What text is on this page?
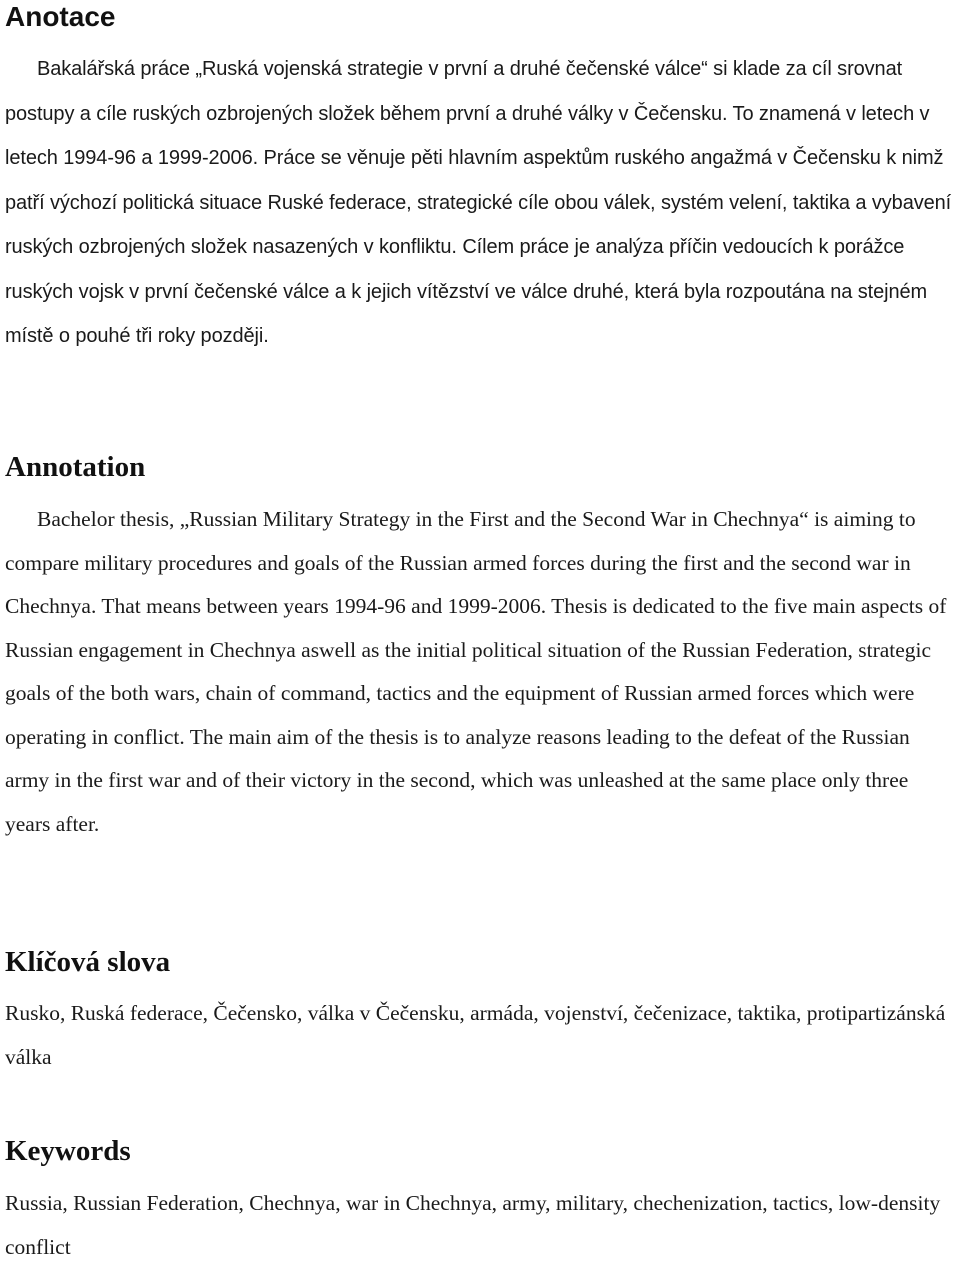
Anotace

Bakalářská práce „Ruská vojenská strategie v první a druhé čečenské válce“ si klade za cíl srovnat postupy a cíle ruských ozbrojených složek během první a druhé války v Čečensku. To znamená v letech v letech 1994-96 a 1999-2006. Práce se věnuje pěti hlavním aspektům ruského angažmá v Čečensku k nimž patří výchozí politická situace Ruské federace, strategické cíle obou válek, systém velení, taktika a vybavení ruských ozbrojených složek nasazených v konfliktu. Cílem práce je analýza příčin vedoucích k porážce ruských vojsk v první čečenské válce a k jejich vítězství ve válce druhé, která byla rozpoutána na stejném místě o pouhé tři roky později.

Annotation

Bachelor thesis, „Russian Military Strategy in the First and the Second War in Chechnya“ is aiming to compare military procedures and goals of the Russian armed forces during the first and the second war in Chechnya. That means between years 1994-96 and 1999-2006. Thesis is dedicated to the five main aspects of Russian engagement in Chechnya aswell as the initial political situation of the Russian Federation, strategic goals of the both wars, chain of command, tactics and the equipment of Russian armed forces which were operating in conflict. The main aim of the thesis is to analyze reasons leading to the defeat of the Russian army in the first war and of their victory in the second, which was unleashed at the same place only three years after.

Klíčová slova

Rusko, Ruská federace, Čečensko, válka v Čečensku, armáda, vojenství, čečenizace, taktika, protipartizánská válka

Keywords

Russia, Russian Federation, Chechnya, war in Chechnya, army, military, chechenization, tactics, low-density conflict
